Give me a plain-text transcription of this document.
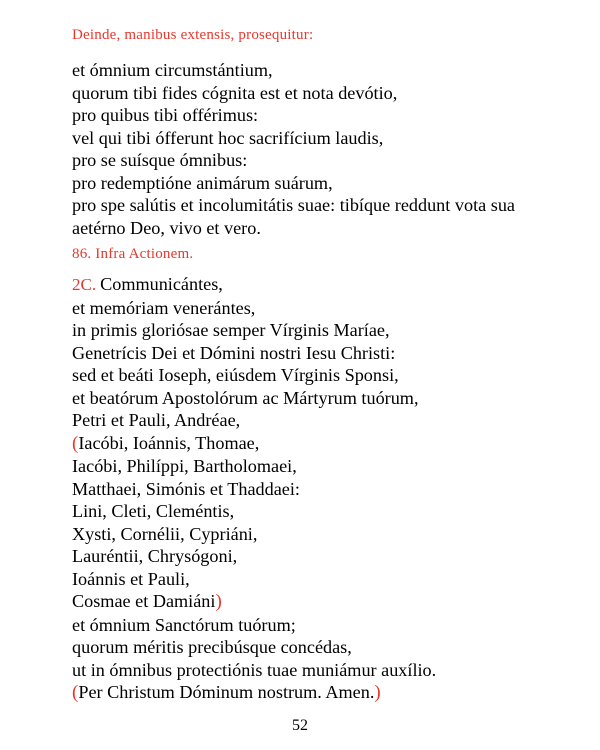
Deinde, manibus extensis, prosequitur:
et ómnium circumstántium,
quorum tibi fides cógnita est et nota devótio,
pro quibus tibi offérimus:
vel qui tibi ófferunt hoc sacrifícium laudis,
pro se suísque ómnibus:
pro redemptióne animárum suárum,
pro spe salútis et incolumitátis suae: tibíque reddunt vota sua
aetérno Deo, vivo et vero.
86. Infra Actionem.
2C. Communicántes,
et memóriam venerántes,
in primis gloriósae semper Vírginis Maríae,
Genetrícis Dei et Dómini nostri Iesu Christi:
sed et beáti Ioseph, eiúsdem Vírginis Sponsi,
et beatórum Apostolórum ac Mártyrum tuórum,
Petri et Pauli, Andréae,
(Iacóbi, Ioánnis, Thomae,
Iacóbi, Philíppi, Bartholomaei,
Matthaei, Simónis et Thaddaei:
Lini, Cleti, Cleméntis,
Xysti, Cornélii, Cypriáni,
Lauréntii, Chrysógoni,
Ioánnis et Pauli,
Cosmae et Damiáni)
et ómnium Sanctórum tuórum;
quorum méritis precibúsque concédas,
ut in ómnibus protectiónis tuae muniámur auxílio.
(Per Christum Dóminum nostrum. Amen.)
52
